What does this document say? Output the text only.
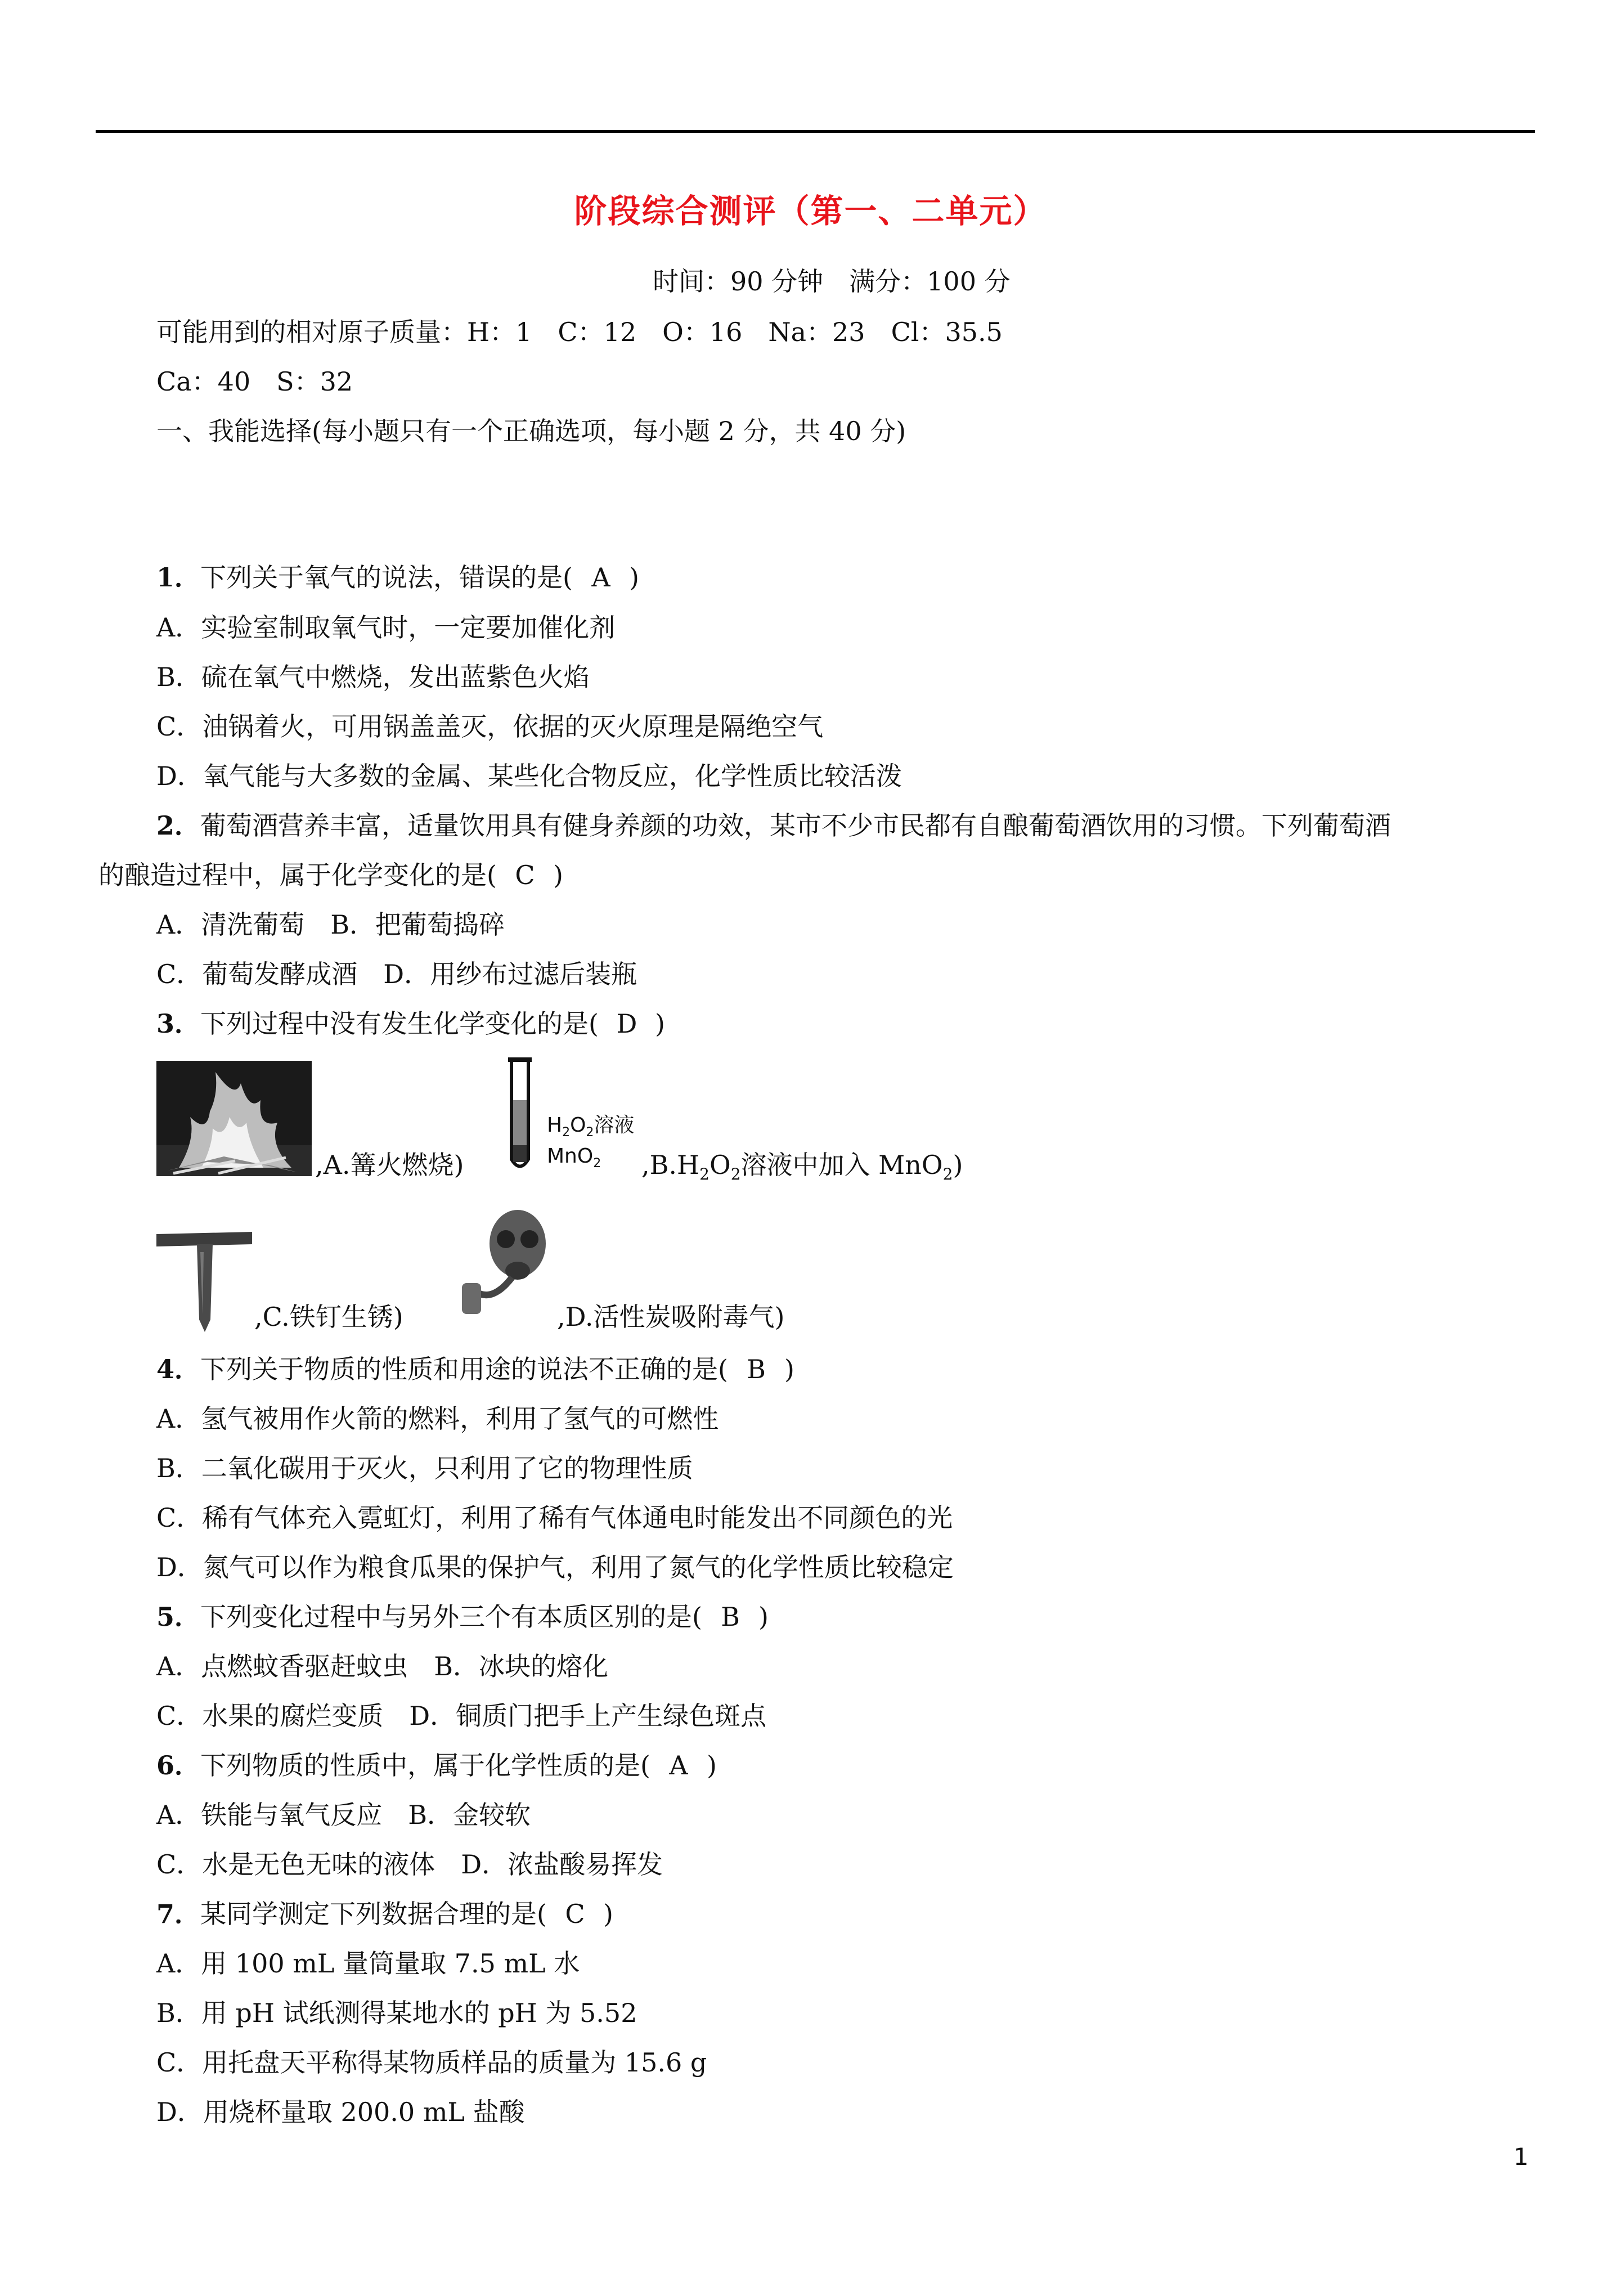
阶段综合测评（第一、二单元）
时间：90 分钟　满分：100 分
可能用到的相对原子质量：H：1　C：12　O：16　Na：23　Cl：35.5
Ca：40　S：32
一、我能选择(每小题只有一个正确选项，每小题 2 分，共 40 分)
1．下列关于氧气的说法，错误的是( A )
A．实验室制取氧气时，一定要加催化剂
B．硫在氧气中燃烧，发出蓝紫色火焰
C．油锅着火，可用锅盖盖灭，依据的灭火原理是隔绝空气
D．氧气能与大多数的金属、某些化合物反应，化学性质比较活泼
2．葡萄酒营养丰富，适量饮用具有健身养颜的功效，某市不少市民都有自酿葡萄酒饮用的习惯。下列葡萄酒
的酿造过程中，属于化学变化的是( C )
A．清洗葡萄　B．把葡萄捣碎
C．葡萄发酵成酒　D．用纱布过滤后装瓶
3．下列过程中没有发生化学变化的是( D )
,A.篝火燃烧)
$H_2O_2$溶液
MnO$_2$ $,B.H_2O_2$溶液中加入 MnO$_2$)
,C.铁钉生锈)	,D.活性炭吸附毒气)
4．下列关于物质的性质和用途的说法不正确的是( B )
A．氢气被用作火箭的燃料，利用了氢气的可燃性
B．二氧化碳用于灭火，只利用了它的物理性质
C．稀有气体充入霓虹灯，利用了稀有气体通电时能发出不同颜色的光
D．氮气可以作为粮食瓜果的保护气，利用了氮气的化学性质比较稳定
5．下列变化过程中与另外三个有本质区别的是( B )
A．点燃蚊香驱赶蚊虫　B．冰块的熔化
C．水果的腐烂变质　D．铜质门把手上产生绿色斑点
6．下列物质的性质中，属于化学性质的是( A )
A．铁能与氧气反应　B．金较软
C．水是无色无味的液体　D．浓盐酸易挥发
7．某同学测定下列数据合理的是( C )
A．用 100 mL 量筒量取 7.5 mL 水
B．用 pH 试纸测得某地水的 pH 为 5.52
C．用托盘天平称得某物质样品的质量为 15.6 g
D．用烧杯量取 200.0 mL 盐酸
1
